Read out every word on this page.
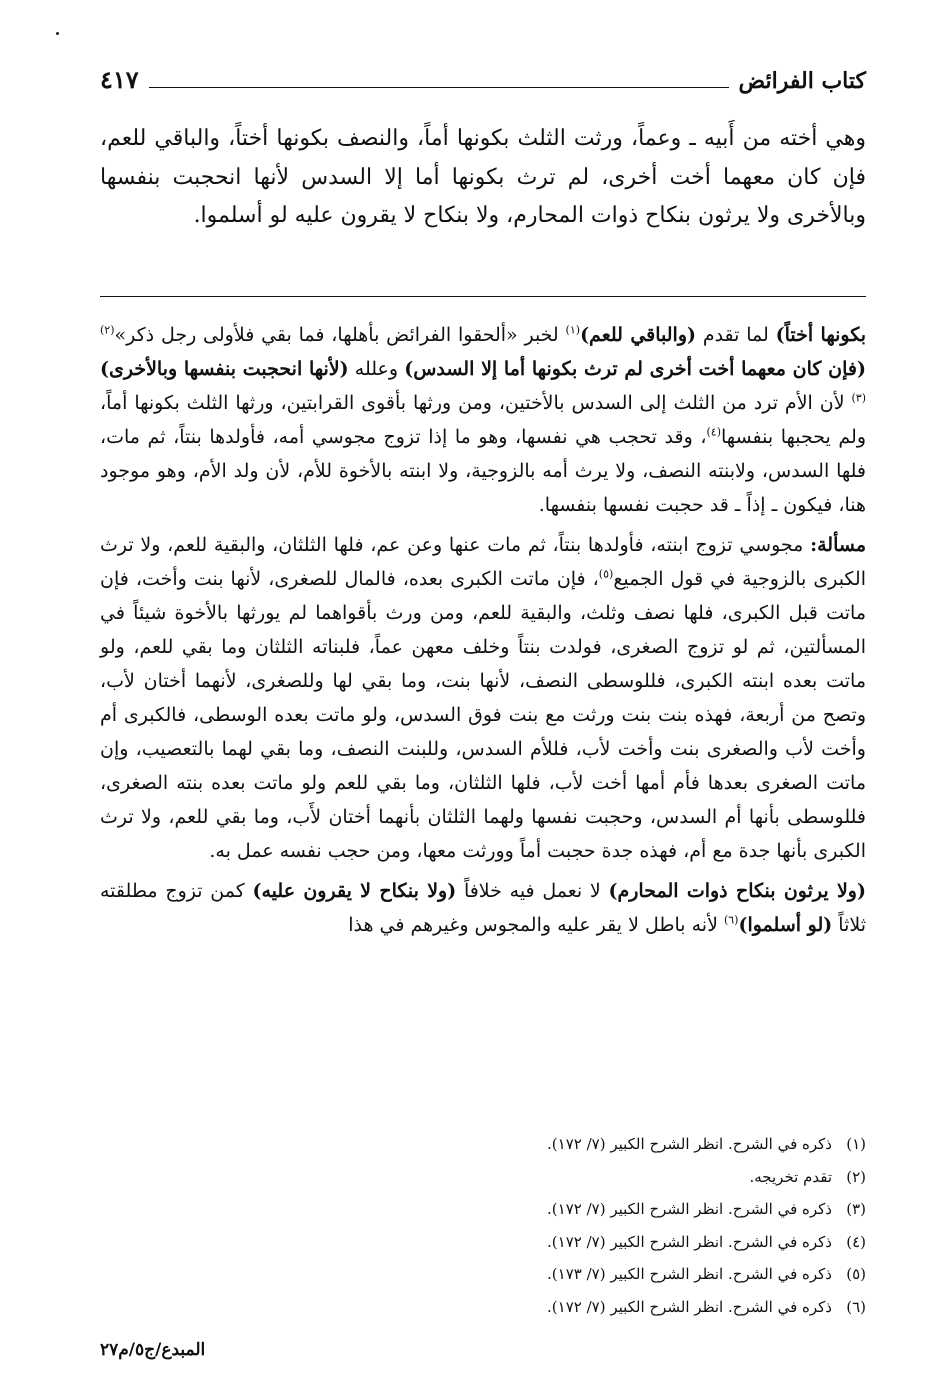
كتاب الفرائض
٤١٧

وهي أخته من أَبيه ـ وعماً، ورثت الثلث بكونها أماً، والنصف بكونها أختاً، والباقي للعم، فإن كان معهما أخت أخرى، لم ترث بكونها أما إلا السدس لأنها انحجبت بنفسها وبالأخرى ولا يرثون بنكاح ذوات المحارم، ولا بنكاح لا يقرون عليه لو أسلموا.

بكونها أختاً) لما تقدم (والباقي للعم)$^{(١)}$ لخبر «ألحقوا الفرائض بأهلها، فما بقي فلأولى رجل ذكر»$^{(٢)}$ (فإن كان معهما أخت أخرى لم ترث بكونها أما إلا السدس) وعلله (لأنها انحجبت بنفسها وبالأخرى)$^{(٣)}$ لأن الأم ترد من الثلث إلى السدس بالأختين، ومن ورثها بأقوى القرابتين، ورثها الثلث بكونها أماً، ولم يحجبها بنفسها$^{(٤)}$، وقد تحجب هي نفسها، وهو ما إذا تزوج مجوسي أمه، فأولدها بنتاً، ثم مات، فلها السدس، ولابنته النصف، ولا يرث أمه بالزوجية، ولا ابنته بالأخوة للأم، لأن ولد الأم، وهو موجود هنا، فيكون ـ إذاً ـ قد حجبت نفسها بنفسها.

مسألة: مجوسي تزوج ابنته، فأولدها بنتاً، ثم مات عنها وعن عم، فلها الثلثان، والبقية للعم، ولا ترث الكبرى بالزوجية في قول الجميع$^{(٥)}$، فإن ماتت الكبرى بعده، فالمال للصغرى، لأنها بنت وأخت، فإن ماتت قبل الكبرى، فلها نصف وثلث، والبقية للعم، ومن ورث بأقواهما لم يورثها بالأخوة شيئاً في المسألتين، ثم لو تزوج الصغرى، فولدت بنتاً وخلف معهن عماً، فلبناته الثلثان وما بقي للعم، ولو ماتت بعده ابنته الكبرى، فللوسطى النصف، لأنها بنت، وما بقي لها وللصغرى، لأنهما أختان لأب، وتصح من أربعة، فهذه بنت بنت ورثت مع بنت فوق السدس، ولو ماتت بعده الوسطى، فالكبرى أم وأخت لأب والصغرى بنت وأخت لأب، فللأم السدس، وللبنت النصف، وما بقي لهما بالتعصيب، وإن ماتت الصغرى بعدها فأم أمها أخت لأب، فلها الثلثان، وما بقي للعم ولو ماتت بعده بنته الصغرى، فللوسطى بأنها أم السدس، وحجبت نفسها ولهما الثلثان بأنهما أختان لأَب، وما بقي للعم، ولا ترث الكبرى بأنها جدة مع أم، فهذه جدة حجبت أماً وورثت معها، ومن حجب نفسه عمل به.

(ولا يرثون بنكاح ذوات المحارم) لا نعمل فيه خلافاً (ولا بنكاح لا يقرون عليه) كمن تزوج مطلقته ثلاثاً (لو أسلموا)$^{(٦)}$ لأنه باطل لا يقر عليه والمجوس وغيرهم في هذا

(١)ذكره في الشرح. انظر الشرح الكبير (٧/ ١٧٢).
(٢)تقدم تخريجه.
(٣)ذكره في الشرح. انظر الشرح الكبير (٧/ ١٧٢).
(٤)ذكره في الشرح. انظر الشرح الكبير (٧/ ١٧٢).
(٥)ذكره في الشرح. انظر الشرح الكبير (٧/ ١٧٣).
(٦)ذكره في الشرح. انظر الشرح الكبير (٧/ ١٧٢).
المبدع/ج٥/م٢٧
